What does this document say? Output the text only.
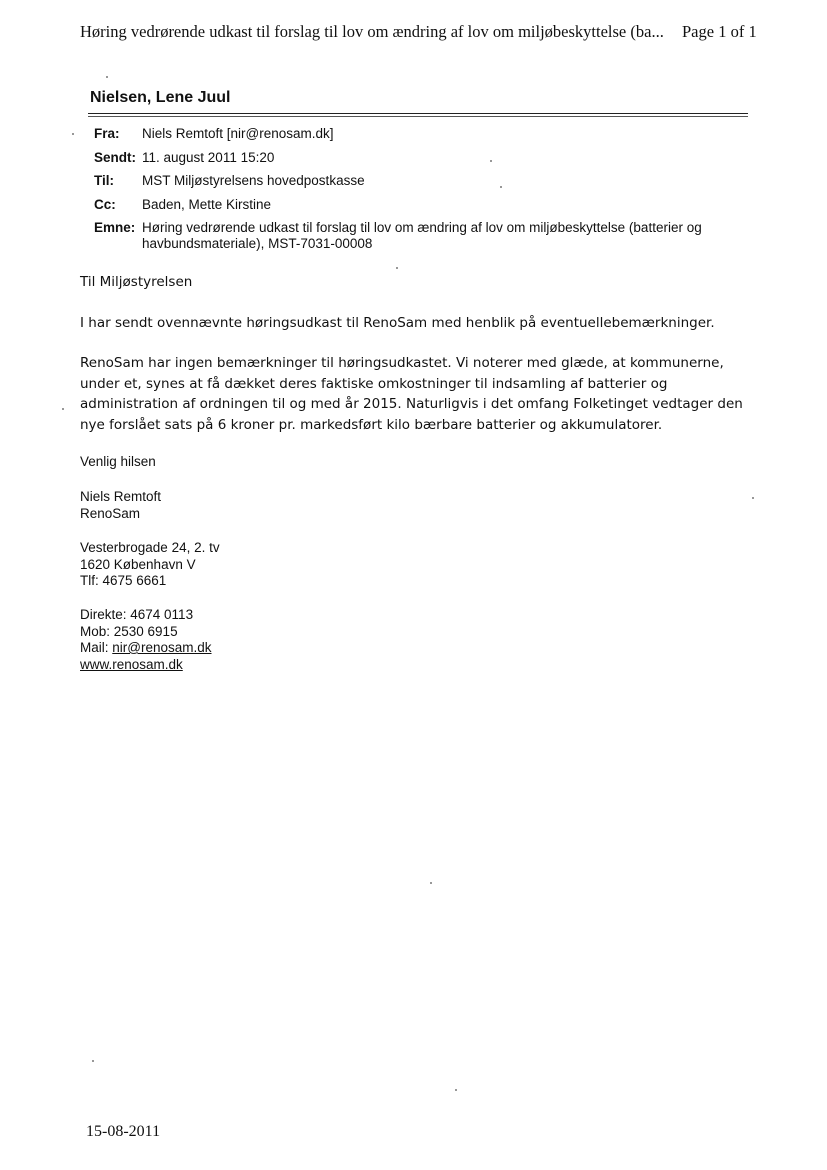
Høring vedrørende udkast til forslag til lov om ændring af lov om miljøbeskyttelse (ba... Page 1 of 1
Nielsen, Lene Juul
Fra: Niels Remtoft [nir@renosam.dk]
Sendt: 11. august 2011 15:20
Til: MST Miljøstyrelsens hovedpostkasse
Cc: Baden, Mette Kirstine
Emne: Høring vedrørende udkast til forslag til lov om ændring af lov om miljøbeskyttelse (batterier og
havbundsmateriale), MST-7031-00008
Til Miljøstyrelsen
I har sendt ovennævnte høringsudkast til RenoSam med henblik på eventuellebemærkninger.
RenoSam har ingen bemærkninger til høringsudkastet. Vi noterer med glæde, at kommunerne,
under et, synes at få dækket deres faktiske omkostninger til indsamling af batterier og
administration af ordningen til og med år 2015. Naturligvis i det omfang Folketinget vedtager den
nye forslået sats på 6 kroner pr. markedsført kilo bærbare batterier og akkumulatorer.
Venlig hilsen
Niels Remtoft
RenoSam
Vesterbrogade 24, 2. tv
1620 København V
Tlf: 4675 6661
Direkte: 4674 0113
Mob: 2530 6915
Mail: nir@renosam.dk
www.renosam.dk
15-08-2011
